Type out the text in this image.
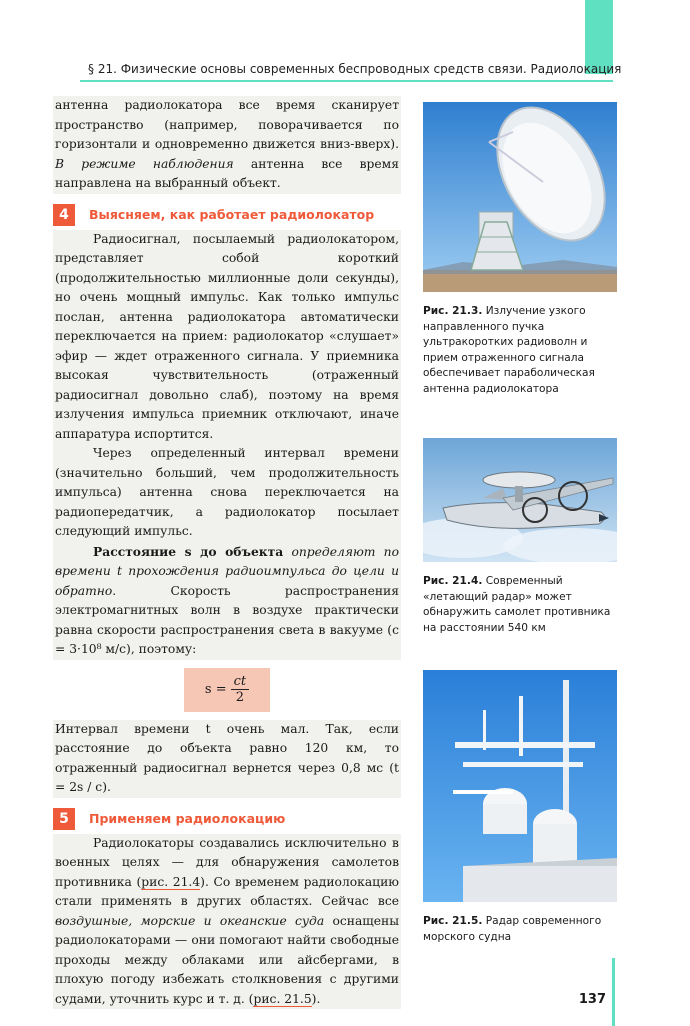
§ 21. Физические основы современных беспроводных средств связи. Радиолокация

антенна радиолокатора все время сканирует пространство (например, поворачивается по горизонтали и одновременно движется вниз-вверх). В режиме наблюдения антенна все время направлена на выбранный объект.

4	Выясняем, как работает радиолокатор

Радиосигнал, посылаемый радиолокатором, представляет собой короткий (продолжительностью миллионные доли секунды), но очень мощный импульс. Как только импульс послан, антенна радиолокатора автоматически переключается на прием: радиолокатор «слушает» эфир — ждет отраженного сигнала. У приемника высокая чувствительность (отраженный радиосигнал довольно слаб), поэтому на время излучения импульса приемник отключают, иначе аппаратура испортится.

Через определенный интервал времени (значительно больший, чем продолжительность импульса) антенна снова переключается на радиопередатчик, а радиолокатор посылает следующий импульс.

Расстояние s до объекта определяют по времени t прохождения радиоимпульса до цели и обратно. Скорость распространения электромагнитных волн в воздухе практически равна скорости распространения света в вакууме (c = 3·10⁸ м/с), поэтому:

$s = \frac{ct}{2}$

Интервал времени t очень мал. Так, если расстояние до объекта равно 120 км, то отраженный радиосигнал вернется через 0,8 мс (t = 2s / c).

5	Применяем радиолокацию

Радиолокаторы создавались исключительно в военных целях — для обнаружения самолетов противника (рис. 21.4). Со временем радиолокацию стали применять в других областях. Сейчас все воздушные, морские и океанские суда оснащены радиолокаторами — они помогают найти свободные проходы между облаками или айсбергами, в плохую погоду избежать столкновения с другими судами, уточнить курс и т. д. (рис. 21.5).

Рис. 21.3. Излучение узкого направленного пучка ультракоротких радиоволн и прием отраженного сигнала обеспечивает параболическая антенна радиолокатора
Рис. 21.4. Современный «летающий радар» может обнаружить самолет противника на расстоянии 540 км
Рис. 21.5. Радар современного морского судна
137
